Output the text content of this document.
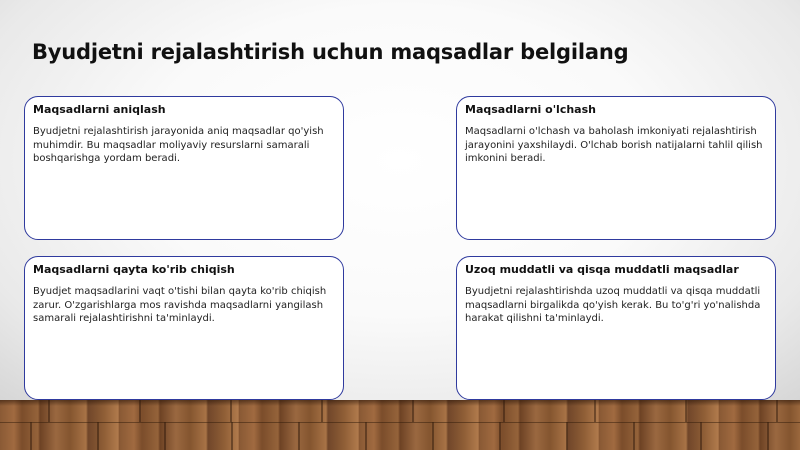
Byudjetni rejalashtirish uchun maqsadlar belgilang

Maqsadlarni aniqlash

Byudjetni rejalashtirish jarayonida aniq maqsadlar qo'yish muhimdir. Bu maqsadlar moliyaviy resurslarni samarali boshqarishga yordam beradi.

Maqsadlarni o'lchash

Maqsadlarni o'lchash va baholash imkoniyati rejalashtirish jarayonini yaxshilaydi. O'lchab borish natijalarni tahlil qilish imkonini beradi.

Maqsadlarni qayta ko'rib chiqish

Byudjet maqsadlarini vaqt o'tishi bilan qayta ko'rib chiqish zarur. O'zgarishlarga mos ravishda maqsadlarni yangilash samarali rejalashtirishni ta'minlaydi.

Uzoq muddatli va qisqa muddatli maqsadlar

Byudjetni rejalashtirishda uzoq muddatli va qisqa muddatli maqsadlarni birgalikda qo'yish kerak. Bu to'g'ri yo'nalishda harakat qilishni ta'minlaydi.
